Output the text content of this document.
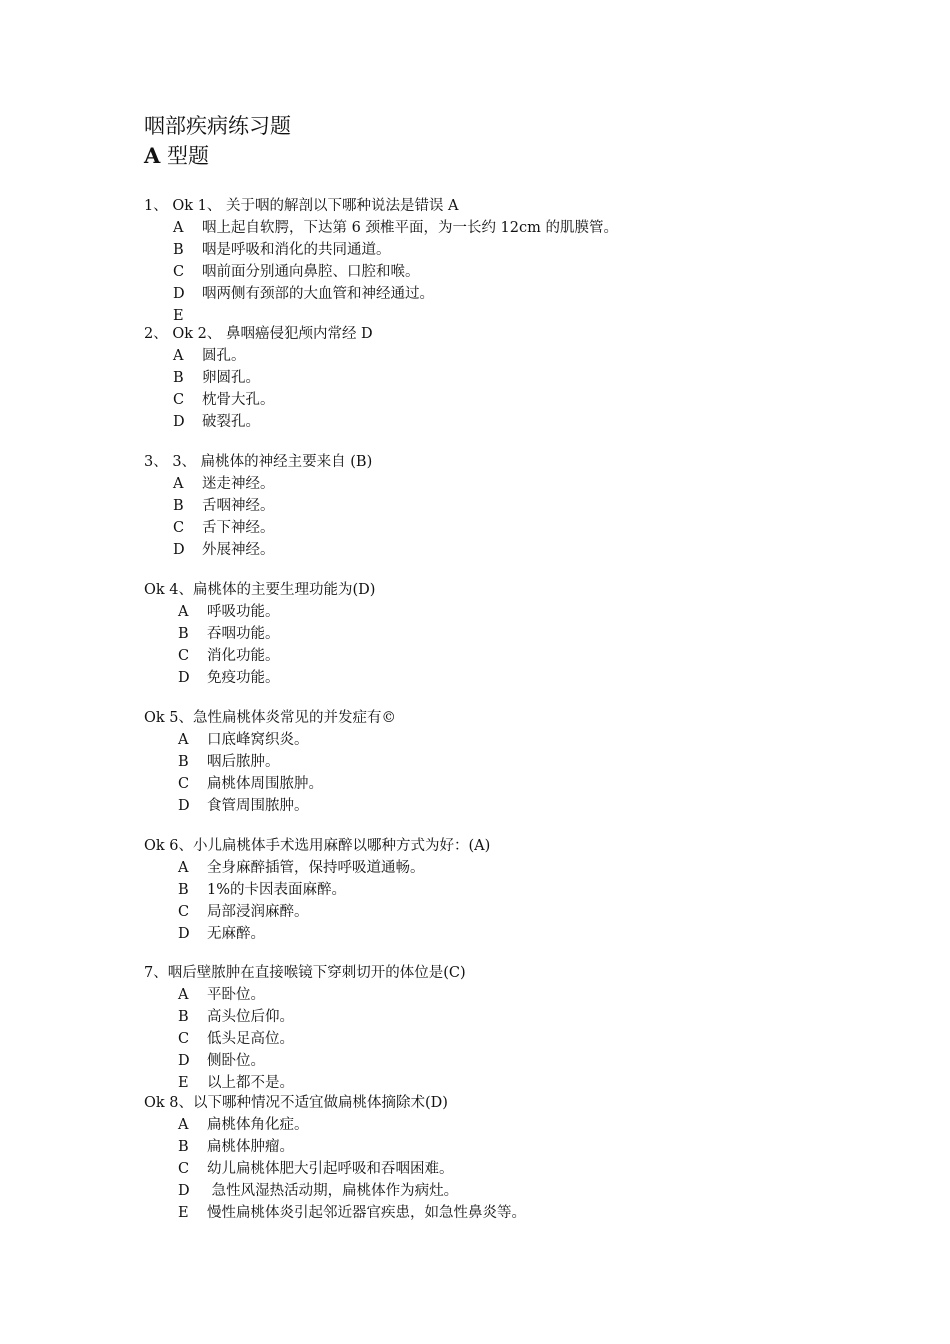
咽部疾病练习题
A 型题
1、 Ok 1、 关于咽的解剖以下哪种说法是错误 A
A 咽上起自软腭，下达第 6 颈椎平面，为一长约 12cm 的肌膜管。
B 咽是呼吸和消化的共同通道。
C 咽前面分别通向鼻腔、口腔和喉。
D 咽两侧有颈部的大血管和神经通过。
E
2、 Ok 2、 鼻咽癌侵犯颅内常经 D
A 圆孔。
B 卵圆孔。
C 枕骨大孔。
D 破裂孔。
3、 3、 扁桃体的神经主要来自 (B)
A 迷走神经。
B 舌咽神经。
C 舌下神经。
D 外展神经。
Ok 4、扁桃体的主要生理功能为(D)
A 呼吸功能。
B 吞咽功能。
C 消化功能。
D 免疫功能。
Ok 5、急性扁桃体炎常见的并发症有©
A 口底峰窝织炎。
B 咽后脓肿。
C 扁桃体周围脓肿。
D 食管周围脓肿。
Ok 6、小儿扁桃体手术选用麻醉以哪种方式为好：(A)
A 全身麻醉插管，保持呼吸道通畅。
B 1%的卡因表面麻醉。
C 局部浸润麻醉。
D 无麻醉。
7、咽后壁脓肿在直接喉镜下穿刺切开的体位是(C)
A 平卧位。
B 高头位后仰。
C 低头足高位。
D 侧卧位。
E 以上都不是。
Ok 8、以下哪种情况不适宜做扁桃体摘除术(D)
A 扁桃体角化症。
B 扁桃体肿瘤。
C 幼儿扁桃体肥大引起呼吸和吞咽困难。
D 急性风湿热活动期，扁桃体作为病灶。
E 慢性扁桃体炎引起邻近器官疾患，如急性鼻炎等。
